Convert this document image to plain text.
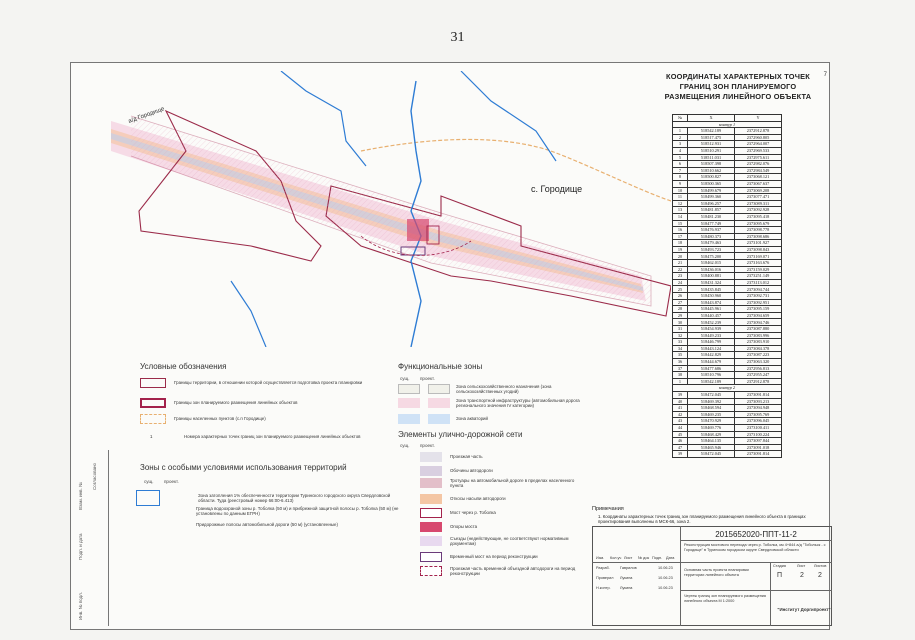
31
7
Взам. инв. №
Подп. и дата
Инв. № подл.
Согласовано
а/д Городище
с. Городище
КООРДИНАТЫ ХАРАКТЕРНЫХ ТОЧЕК ГРАНИЦ ЗОН ПЛАНИРУЕМОГО РАЗМЕЩЕНИЯ ЛИНЕЙНОГО ОБЪЕКТА
№	X	Y
контур 1		
1	518542.189	2372912.878
2	518517.475	2372960.805
3	518512.931	2372964.007
4	518510.291	2372969.533
5	518511.031	2372975.611
6	518507.398	2372982.076
7	518510.662	2372984.549
8	518500.827	2373068.121
9	518500.365	2373067.637
10	518499.679	2373069.208
11	518499.360	2373077.471
12	518496.257	2373089.311
13	518481.857	2373092.928
14	518481.230	2373095.418
15	518477.749	2373095.679
16	518476.937	2373098.778
17	518480.373	2373098.686
18	518479.463	2373101.927
19	518493.723	2373098.843
20	518475.200	2373169.071
21	518462.015	2373163.676
22	518436.016	2373159.029
23	518400.881	2373251.149
24	518431.324	2373113.012
25	518435.845	2373094.744
26	518450.960	2373092.731
27	518443.874	2373092.951
28	518445.961	2373095.159
29	518440.457	2373094.659
30	518452.239	2373094.746
31	518454.939	2373087.880
32	518449.233	2373083.996
33	518446.799	2373083.910
34	518443.124	2373084.378
35	518442.829	2373087.223
36	518444.679	2373063.320
37	518477.686	2372956.813
38	518510.796	2372955.247
1	518542.189	2372912.878
контур 2		
39	518472.045	2373091.814
40	518469.392	2373093.213
41	518468.594	2373094.948
42	518469.235	2373095.769
43	518470.929	2373096.045
44	518469.776	2373100.411
45	518468.429	2373100.224
46	518464.135	2373097.844
47	518465.946	2373091.018
39	518472.045	2373091.814
Условные обозначения
Границы территории, в отношении которой осуществляется подготовка проекта планировки
Границы зон планируемого размещения линейных объектов
Границы населенных пунктов (с.п Городище)
1	Номера характерных точек границ зон планируемого размещения линейных объектов
Зоны с особыми условиями использования территорий
сущ. проект.
Зона затопления 1% обеспеченности территории Туринского городского округа Свердловской области. Туда (реестровый номер 66:00-6.413)
Граница водоохраной зоны р. Тоболка (50 м) и прибрежной защитной полосы р. Тоболка (50 м) (не установлены по данным ЕГРН)
Придорожные полосы автомобильной дороги (50 м) (установленные)
Функциональные зоны
сущ. проект.
Зона сельскохозяйственного назначения (зона сельскохозяйственных угодий)
Зона транспортной инфраструктуры (автомобильная дорога регионального значения IV категории)
Зона акваторий
Элементы улично-дорожной сети
сущ. проект.
Проезжая часть
Обочины автодороги
Тротуары на автомобильной дороге в пределах населенного пункта
Откосы насыпи автодороги
Мост через р. Тоболка
Опоры моста
Съезды (недействующие, не соответствуют нормативным документам)
Временный мост на период реконструкции
Проезжая часть временной объездной автодороги на период реконструкции
Примечания
1. Координаты характерных точек границ зон планируемого размещения линейного объекта в границах проектирования выполнены в МСК-66, зона 2.
2015652020-ППТ-11-2
Реконструкция мостового перехода через р. Тоболка, км 4+844 а/д "Тобольск - с Городище" в Туринском городском округе Свердловской области
Основная часть проекта планировки территории линейного объекта
Стадия	Лист Листов
П	2 2
Чертеж границ зон планируемого размещения линейного объекта М 1:2000
"Институт Доргипроект"
Изм. Кол.уч Лист № док Подп. Дата
Разраб.	Гаврилов	10.06.23
Проверил Лукина	10.06.23
Н.контр. Лукина	10.06.23
